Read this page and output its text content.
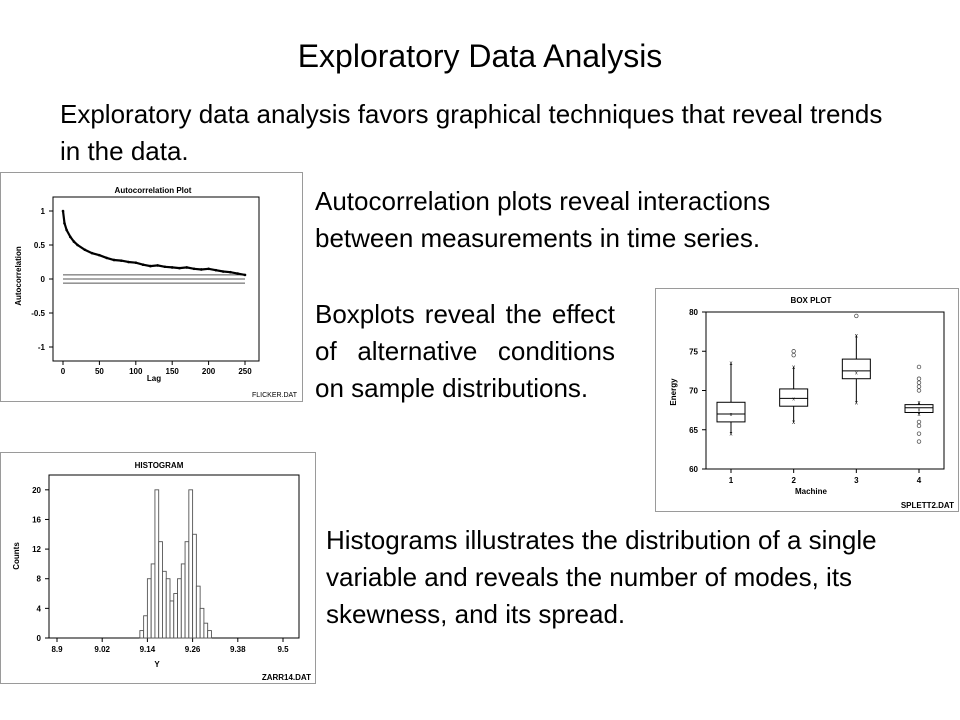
Exploratory Data Analysis
Exploratory data analysis favors graphical techniques that reveal trends in the data.
Autocorrelation plots reveal interactions between measurements in time series.
Boxplots reveal the effect of alternative conditions on sample distributions.
Histograms illustrates the distribution of a single variable and reveals the number of modes, its skewness, and its spread.
Autocorrelation Plot
Lag
Autocorrelation
FLICKER.DAT
0	50	100	150	200	250
1
0.5
0
-0.5
-1
BOX PLOT
Machine
Energy
SPLETT2.DAT
80
75
70
65
60
1
x
x
x
2
x
x
x
3
x
x
x
4
x
x
x
HISTOGRAM
Y
Counts
ZARR14.DAT
8.9	9.02	9.14	9.26	9.38	9.5
20
16
12
8
4
0
